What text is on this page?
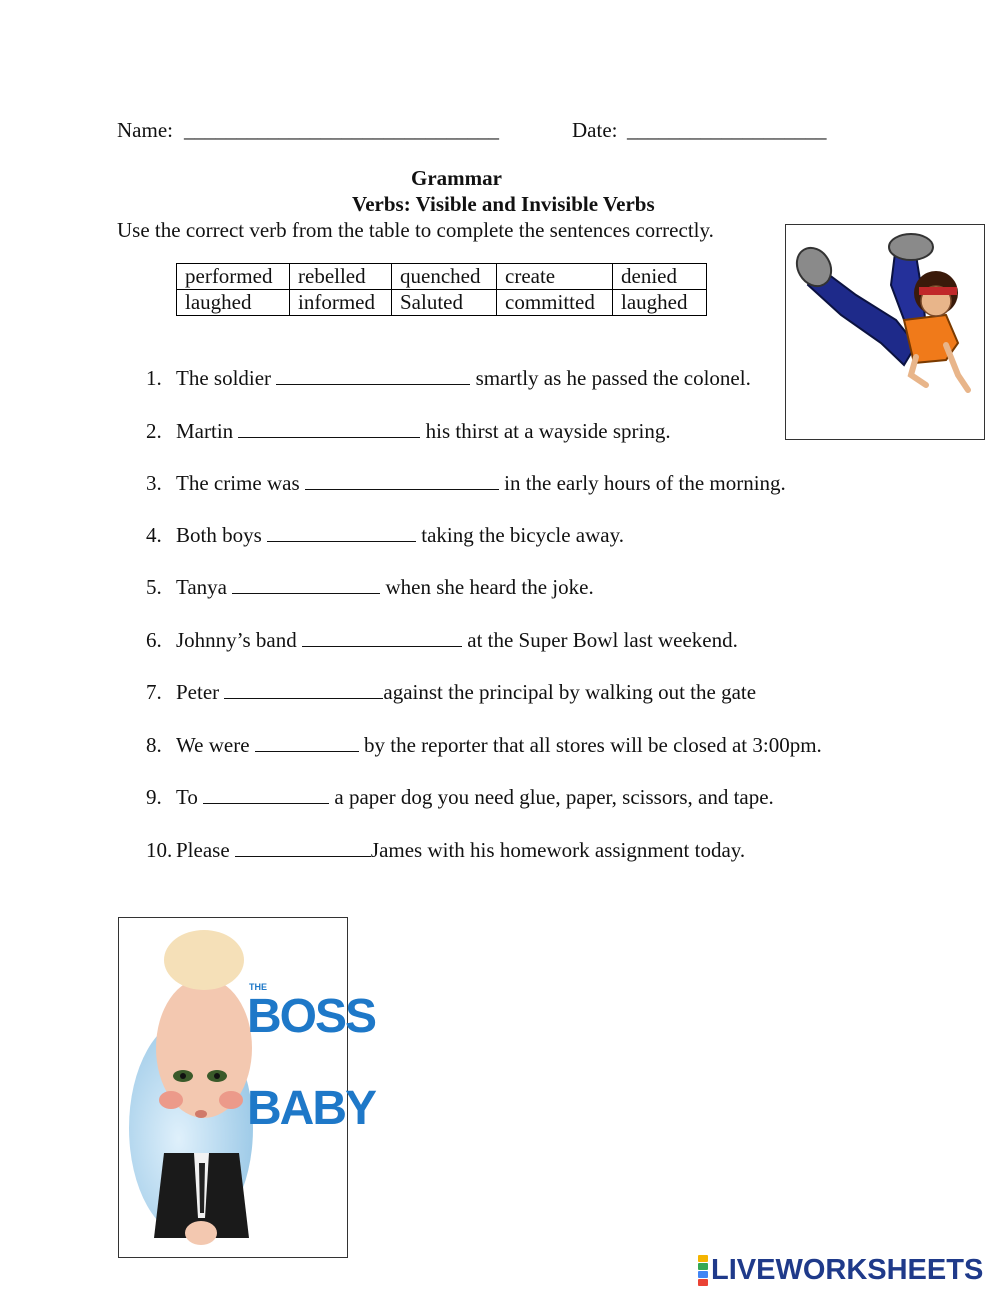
Name: ______________________________	Date: ___________________
Grammar
Verbs: Visible and Invisible Verbs
Use the correct verb from the table to complete the sentences correctly.
performed	rebelled	quenched	create	denied
laughed	informed	Saluted	committed	laughed
1. The soldier	smartly as he passed the colonel.
2. Martin	his thirst at a wayside spring.
3. The crime was	in the early hours of the morning.
4. Both boys	taking the bicycle away.
5. Tanya	when she heard the joke.
6. Johnny’s band	at the Super Bowl last weekend.
7. Peter	against the principal by walking out the gate
8. We were	by the reporter that all stores will be closed at 3:00pm.
9. To	a paper dog you need glue, paper, scissors, and tape.
10. Please	James with his homework assignment today.
THE
BOSS
BABY
LIVEWORKSHEETS
